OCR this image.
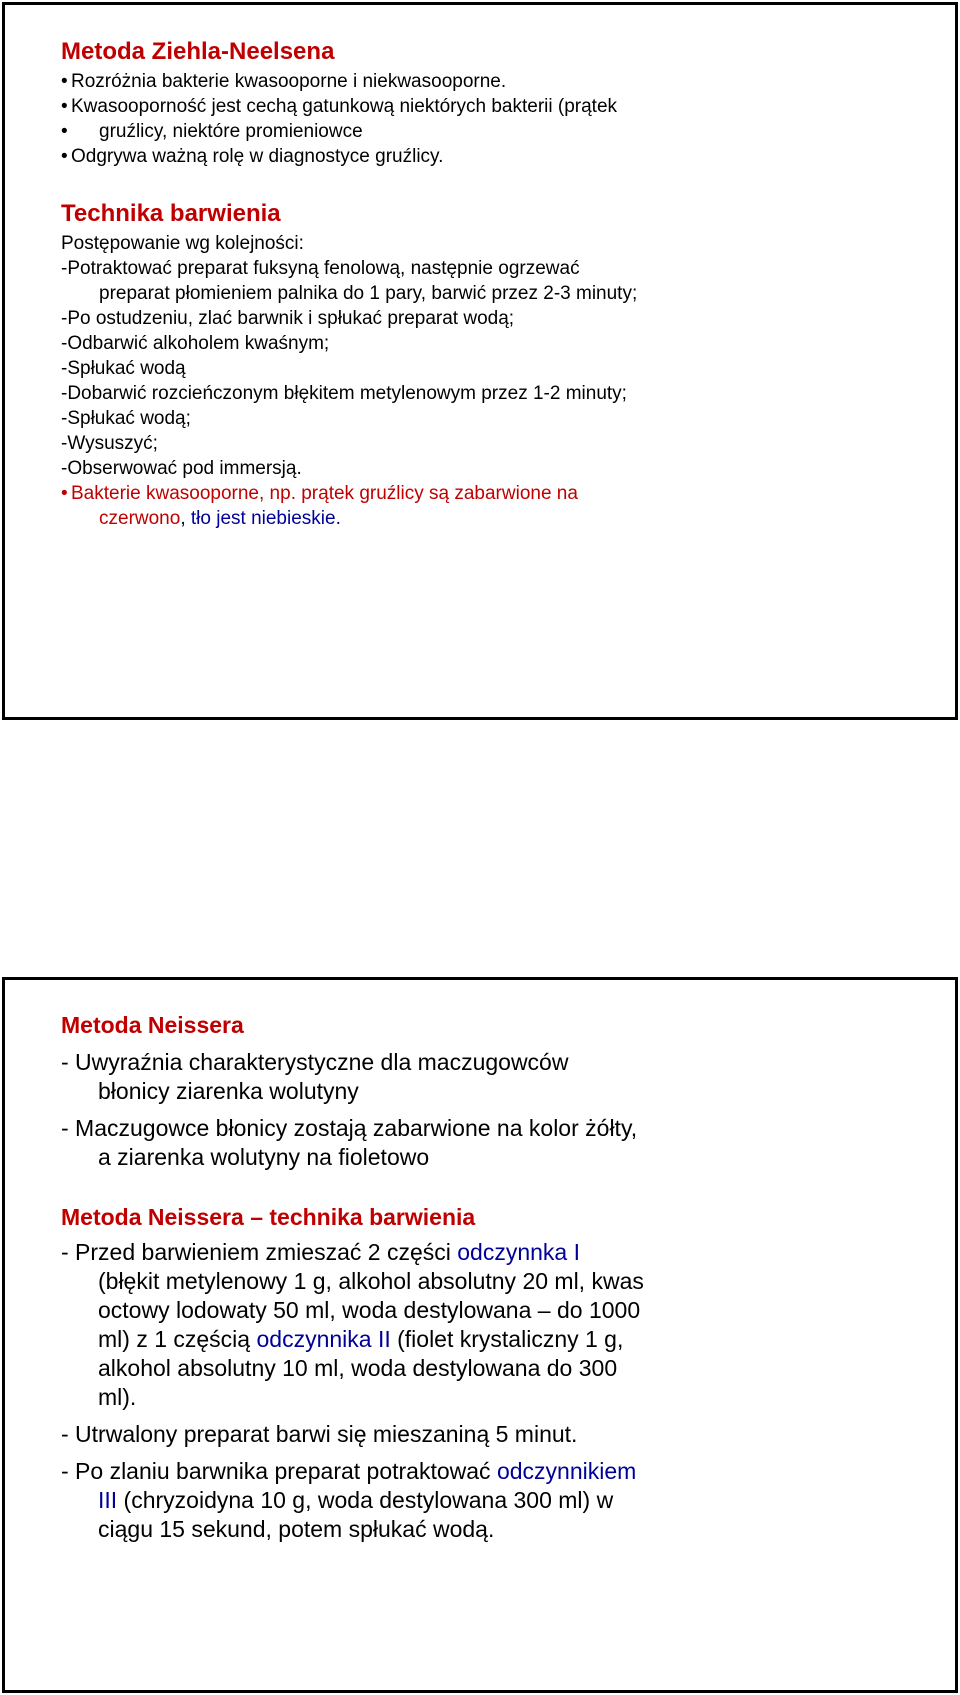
Metoda Ziehla-Neelsena

• Rozróżnia bakterie kwasooporne i niekwasooporne.

• Kwasooporność jest cechą gatunkową niektórych bakterii (prątek

• gruźlicy, niektóre promieniowce

• Odgrywa ważną rolę w diagnostyce gruźlicy.

Technika barwienia

Postępowanie wg kolejności:

-Potraktować preparat fuksyną fenolową, następnie ogrzewać

preparat płomieniem palnika do 1 pary, barwić przez 2-3 minuty;

-Po ostudzeniu, zlać barwnik i spłukać preparat wodą;

-Odbarwić alkoholem kwaśnym;

-Spłukać wodą

-Dobarwić rozcieńczonym błękitem metylenowym przez 1-2 minuty;

-Spłukać wodą;

-Wysuszyć;

-Obserwować pod immersją.

• Bakterie kwasooporne, np. prątek gruźlicy są zabarwione na

czerwono, tło jest niebieskie.

Metoda Neissera

- Uwyraźnia charakterystyczne dla maczugowców

błonicy ziarenka wolutyny

- Maczugowce błonicy zostają zabarwione na kolor żółty,

a ziarenka wolutyny na fioletowo

Metoda Neissera – technika barwienia

- Przed barwieniem zmieszać 2 części odczynnka I

(błękit metylenowy 1 g, alkohol absolutny 20 ml, kwas

octowy lodowaty 50 ml, woda destylowana – do 1000

ml) z 1 częścią odczynnika II (fiolet krystaliczny 1 g,

alkohol absolutny 10 ml, woda destylowana do 300

ml).

- Utrwalony preparat barwi się mieszaniną 5 minut.

- Po zlaniu barwnika preparat potraktować odczynnikiem

III (chryzoidyna 10 g, woda destylowana 300 ml) w

ciągu 15 sekund, potem spłukać wodą.
